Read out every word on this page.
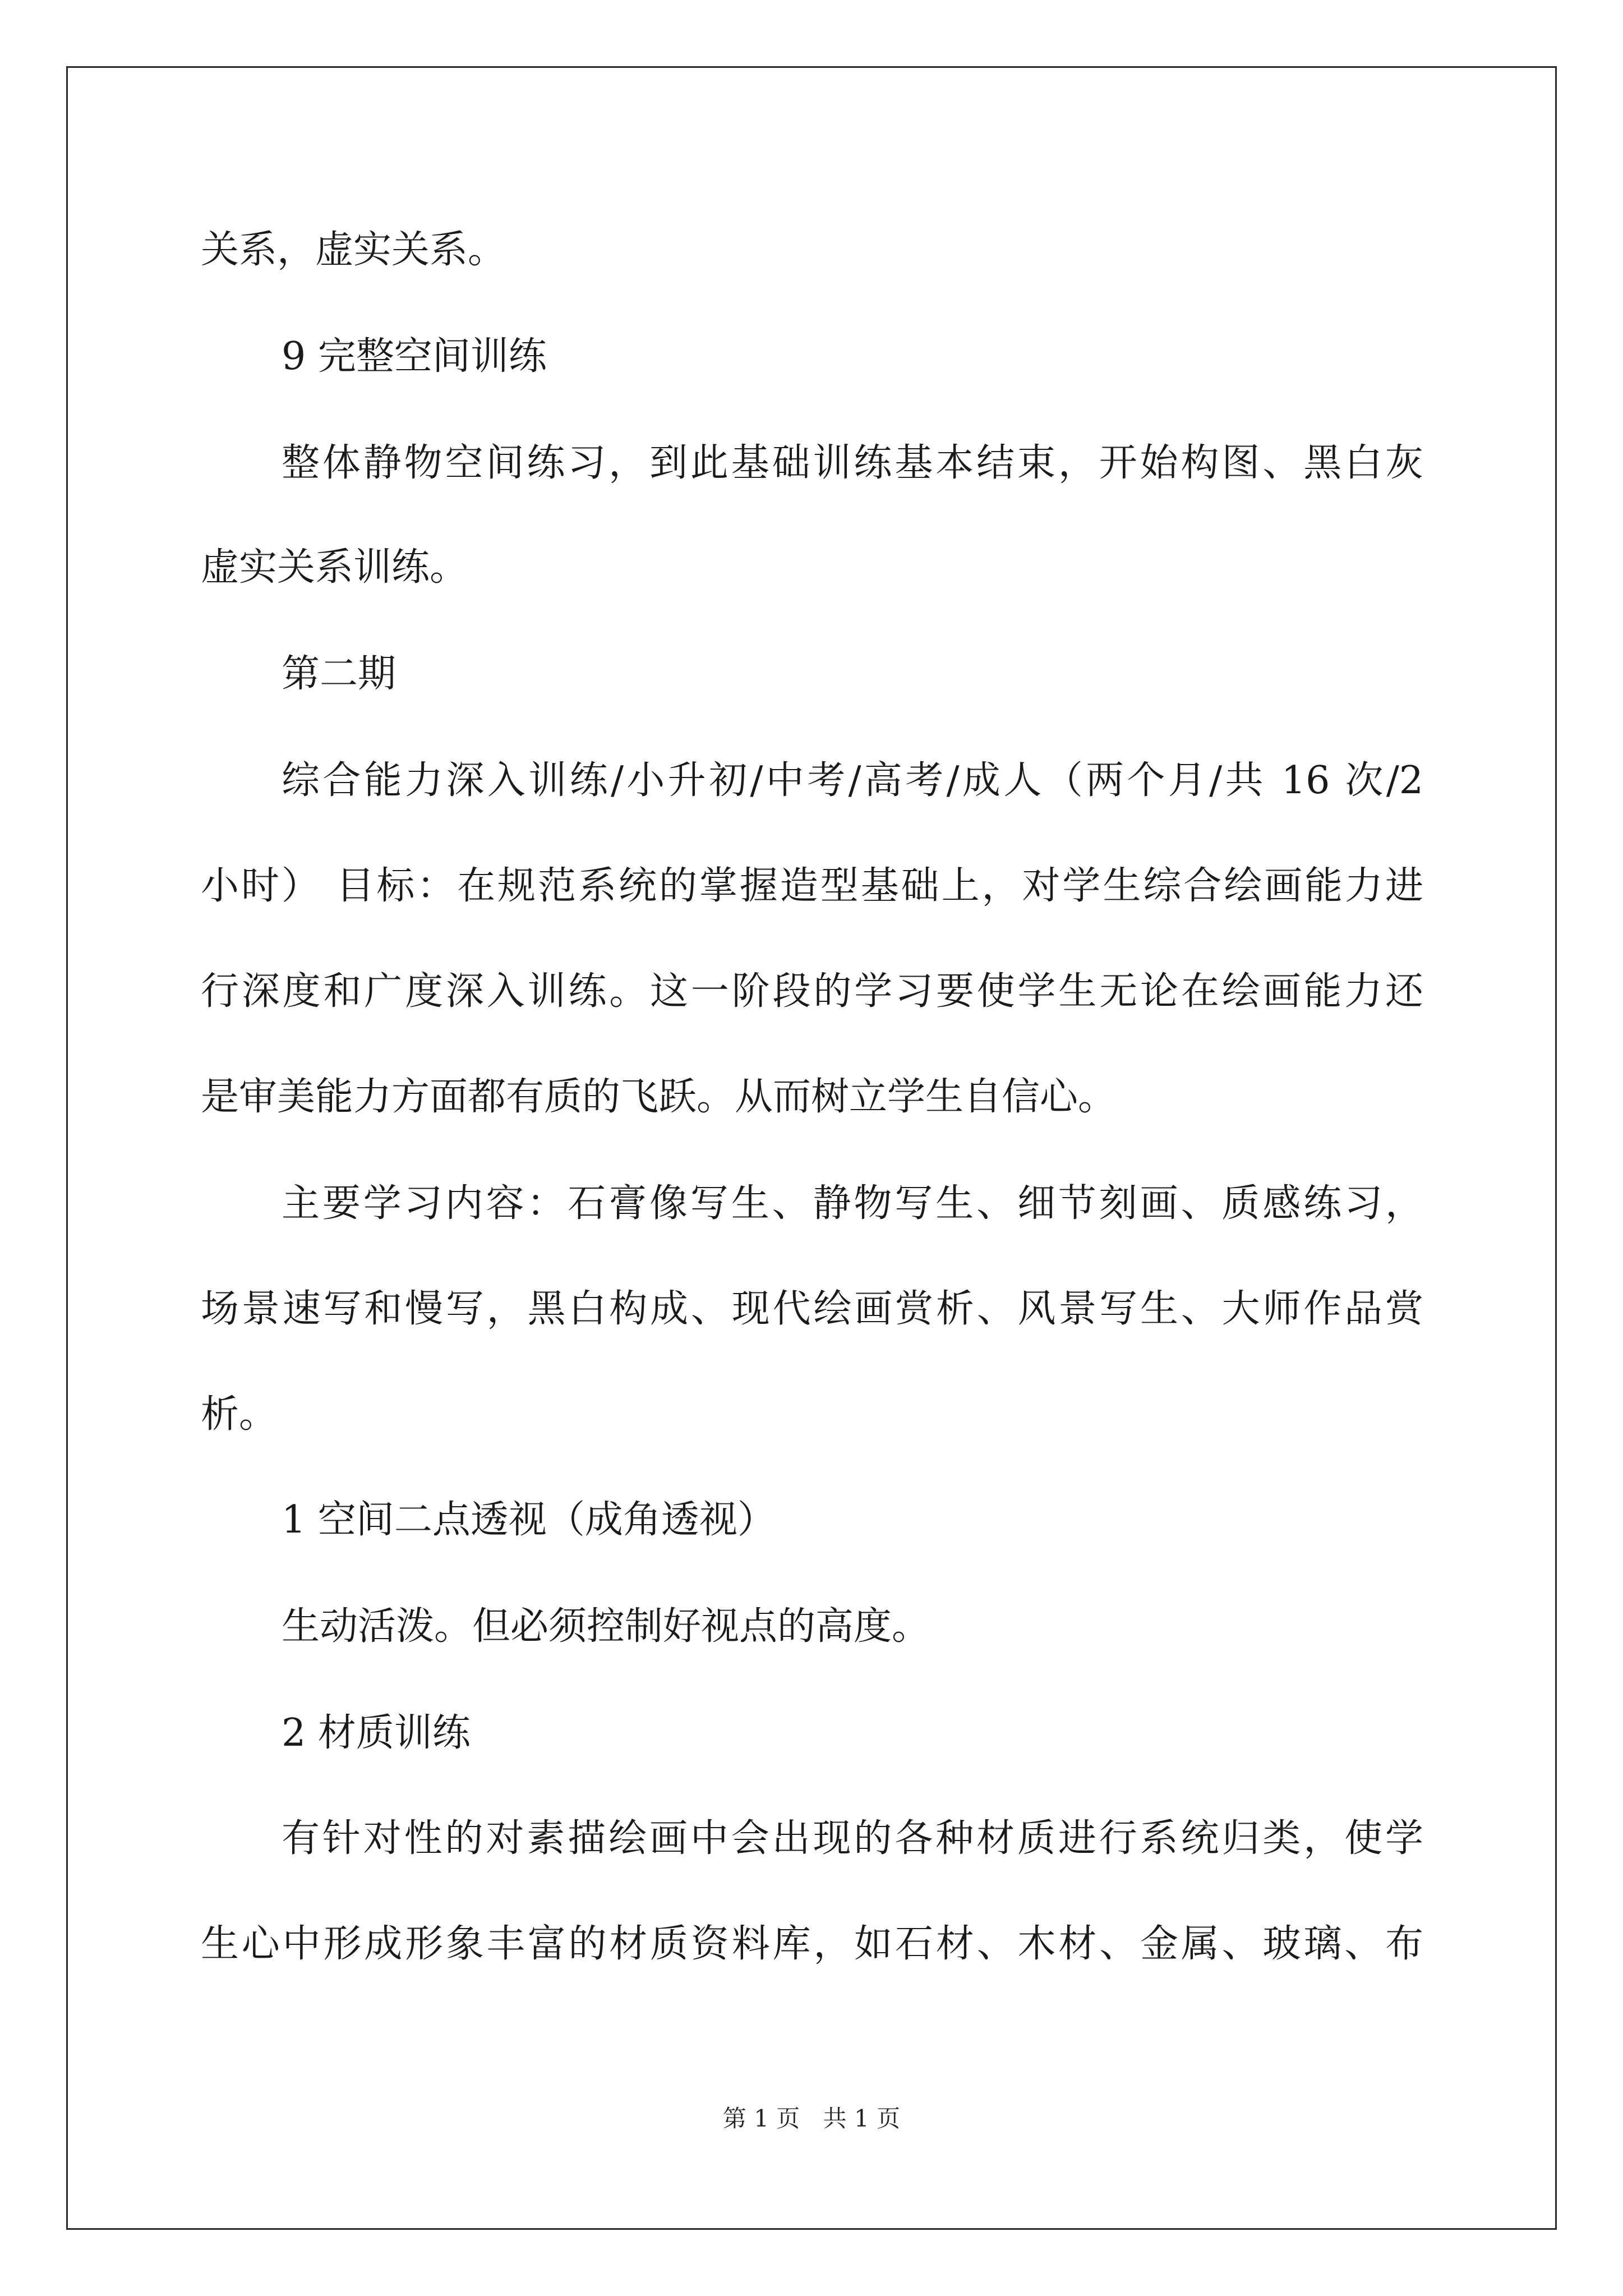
关系，虚实关系。
9 完整空间训练
整体静物空间练习，到此基础训练基本结束，开始构图、黑白灰
虚实关系训练。
第二期
综合能力深入训练/小升初/中考/高考/成人（两个月/共 16 次/2
小时） 目标：在规范系统的掌握造型基础上，对学生综合绘画能力进
行深度和广度深入训练。这一阶段的学习要使学生无论在绘画能力还
是审美能力方面都有质的飞跃。从而树立学生自信心。
主要学习内容：石膏像写生、静物写生、细节刻画、质感练习，
场景速写和慢写，黑白构成、现代绘画赏析、风景写生、大师作品赏
析。
1 空间二点透视（成角透视）
生动活泼。但必须控制好视点的高度。
2 材质训练
有针对性的对素描绘画中会出现的各种材质进行系统归类，使学
生心中形成形象丰富的材质资料库，如石材、木材、金属、玻璃、布
第 1 页 共 1 页
